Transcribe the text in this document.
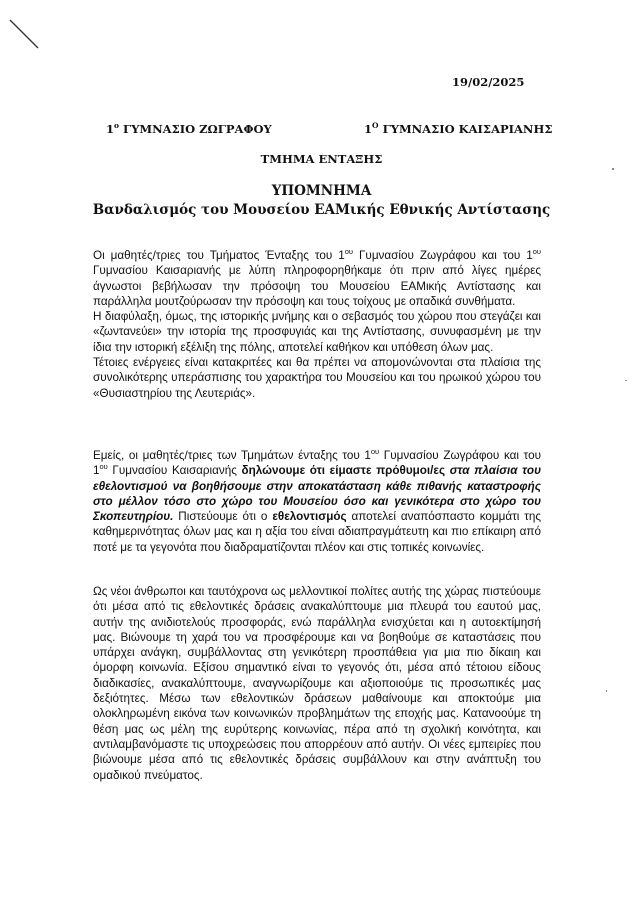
19/02/2025
$1^o$ ΓΥΜΝΑΣΙΟ ΖΩΓΡΑΦΟΥ	$1^O$ ΓΥΜΝΑΣΙΟ ΚΑΙΣΑΡΙΑΝΗΣ
ΤΜΗΜΑ ΕΝΤΑΞΗΣ
ΥΠΟΜΝΗΜΑ
Βανδαλισμός του Μουσείου ΕΑΜικής Εθνικής Αντίστασης

Οι μαθητές/τριες του Τμήματος Ένταξης του $1^{o\upsilon}$ Γυμνασίου Ζωγράφου και του $1^{o\upsilon}$ Γυμνασίου Καισαριανής με λύπη πληροφορηθήκαμε ότι πριν από λίγες ημέρες άγνωστοι βεβήλωσαν την πρόσοψη του Μουσείου ΕΑΜικής Αντίστασης και παράλληλα μουτζούρωσαν την πρόσοψη και τους τοίχους με οπαδικά συνθήματα.

Η διαφύλαξη, όμως, της ιστορικής μνήμης και ο σεβασμός του χώρου που στεγάζει και «ζωντανεύει» την ιστορία της προσφυγιάς και της Αντίστασης, συνυφασμένη με την ίδια την ιστορική εξέλιξη της πόλης, αποτελεί καθήκον και υπόθεση όλων μας.

Τέτοιες ενέργειες είναι κατακριτέες και θα πρέπει να απομονώνονται στα πλαίσια της συνολικότερης υπεράσπισης του χαρακτήρα του Μουσείου και του ηρωικού χώρου του «Θυσιαστηρίου της Λευτεριάς».

Εμείς, οι μαθητές/τριες των Τμημάτων ένταξης του $1^{o\upsilon}$ Γυμνασίου Ζωγράφου και του $1^{o\upsilon}$ Γυμνασίου Καισαριανής δηλώνουμε ότι είμαστε πρόθυμοι/ες στα πλαίσια του εθελοντισμού να βοηθήσουμε στην αποκατάσταση κάθε πιθανής καταστροφής στο μέλλον τόσο στο χώρο του Μουσείου όσο και γενικότερα στο χώρο του Σκοπευτηρίου. Πιστεύουμε ότι ο εθελοντισμός αποτελεί αναπόσπαστο κομμάτι της καθημερινότητας όλων μας και η αξία του είναι αδιαπραγμάτευτη και πιο επίκαιρη από ποτέ με τα γεγονότα που διαδραματίζονται πλέον και στις τοπικές κοινωνίες.

Ως νέοι άνθρωποι και ταυτόχρονα ως μελλοντικοί πολίτες αυτής της χώρας πιστεύουμε ότι μέσα από τις εθελοντικές δράσεις ανακαλύπτουμε μια πλευρά του εαυτού μας, αυτήν της ανιδιοτελούς προσφοράς, ενώ παράλληλα ενισχύεται και η αυτοεκτίμησή μας. Βιώνουμε τη χαρά του να προσφέρουμε και να βοηθούμε σε καταστάσεις που υπάρχει ανάγκη, συμβάλλοντας στη γενικότερη προσπάθεια για μια πιο δίκαιη και όμορφη κοινωνία. Εξίσου σημαντικό είναι το γεγονός ότι, μέσα από τέτοιου είδους διαδικασίες, ανακαλύπτουμε, αναγνωρίζουμε και αξιοποιούμε τις προσωπικές μας δεξιότητες. Μέσω των εθελοντικών δράσεων μαθαίνουμε και αποκτούμε μια ολοκληρωμένη εικόνα των κοινωνικών προβλημάτων της εποχής μας. Κατανοούμε τη θέση μας ως μέλη της ευρύτερης κοινωνίας, πέρα από τη σχολική κοινότητα, και αντιλαμβανόμαστε τις υποχρεώσεις που απορρέουν από αυτήν. Οι νέες εμπειρίες που βιώνουμε μέσα από τις εθελοντικές δράσεις συμβάλλουν και στην ανάπτυξη του ομαδικού πνεύματος.
